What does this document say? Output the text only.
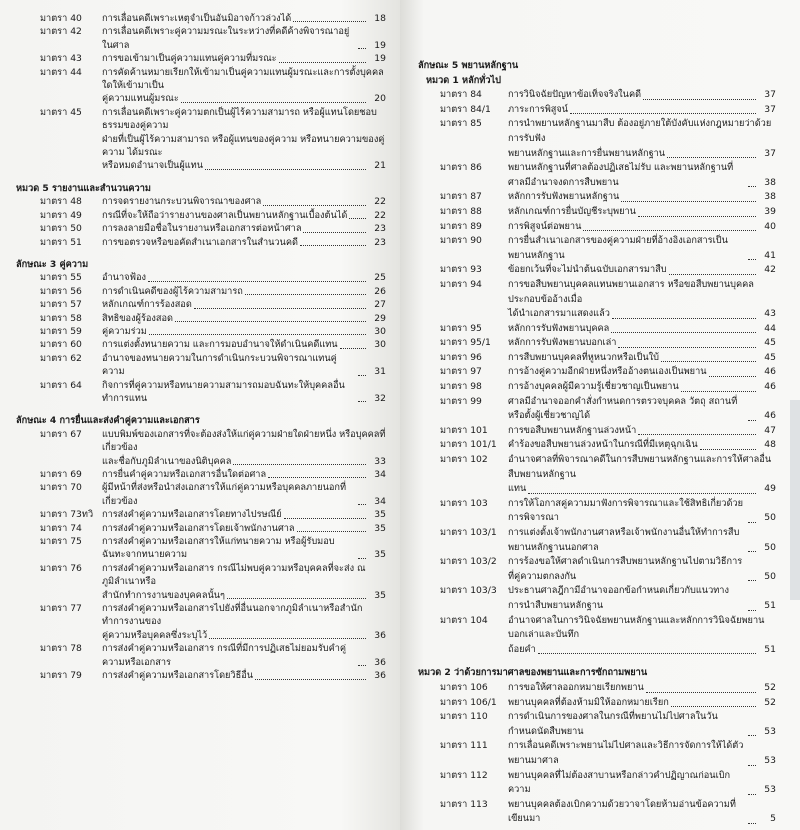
มาตรา 40	การเลื่อนคดีเพราะเหตุจำเป็นอันมิอาจก้าวล่วงได้	18
มาตรา 42	การเลื่อนคดีเพราะคู่ความมรณะในระหว่างที่คดีค้างพิจารณาอยู่ในศาล	19
มาตรา 43	การขอเข้ามาเป็นคู่ความแทนคู่ความที่มรณะ	19
มาตรา 44	การคัดค้านหมายเรียกให้เข้ามาเป็นคู่ความแทนผู้มรณะและการตั้งบุคคลใดให้เข้ามาเป็น
คู่ความแทนผู้มรณะ	20
มาตรา 45	การเลื่อนคดีเพราะคู่ความตกเป็นผู้ไร้ความสามารถ หรือผู้แทนโดยชอบธรรมของคู่ความ
ฝ่ายที่เป็นผู้ไร้ความสามารถ หรือผู้แทนของคู่ความ หรือทนายความของคู่ความ ได้มรณะ
หรือหมดอำนาจเป็นผู้แทน	21
หมวด 5 รายงานและสำนวนความ
มาตรา 48	การจดรายงานกระบวนพิจารณาของศาล	22
มาตรา 49	กรณีที่จะให้ถือว่ารายงานของศาลเป็นพยานหลักฐานเบื้องต้นได้	22
มาตรา 50	การลงลายมือชื่อในรายงานหรือเอกสารต่อหน้าศาล	23
มาตรา 51	การขอตรวจหรือขอคัดสำเนาเอกสารในสำนวนคดี	23
ลักษณะ 3 คู่ความ
มาตรา 55	อำนาจฟ้อง	25
มาตรา 56	การดำเนินคดีของผู้ไร้ความสามารถ	26
มาตรา 57	หลักเกณฑ์การร้องสอด	27
มาตรา 58	สิทธิของผู้ร้องสอด	29
มาตรา 59	คู่ความร่วม	30
มาตรา 60	การแต่งตั้งทนายความ และการมอบอำนาจให้ดำเนินคดีแทน	30
มาตรา 62	อำนาจของทนายความในการดำเนินกระบวนพิจารณาแทนคู่ความ	31
มาตรา 64	กิจการที่คู่ความหรือทนายความสามารถมอบฉันทะให้บุคคลอื่นทำการแทน	32
ลักษณะ 4 การยื่นและส่งคำคู่ความและเอกสาร
มาตรา 67	แบบพิมพ์ของเอกสารที่จะต้องส่งให้แก่คู่ความฝ่ายใดฝ่ายหนึ่ง หรือบุคคลที่เกี่ยวข้อง
และชื่อกับภูมิลำเนาของนิติบุคคล	33
มาตรา 69	การยื่นคำคู่ความหรือเอกสารอื่นใดต่อศาล	34
มาตรา 70	ผู้มีหน้าที่ส่งหรือนำส่งเอกสารให้แก่คู่ความหรือบุคคลภายนอกที่เกี่ยวข้อง	34
มาตรา 73ทวิ การส่งคำคู่ความหรือเอกสารโดยทางไปรษณีย์	35
มาตรา 74	การส่งคำคู่ความหรือเอกสารโดยเจ้าพนักงานศาล	35
มาตรา 75	การส่งคำคู่ความหรือเอกสารให้แก่ทนายความ หรือผู้รับมอบฉันทะจากทนายความ	35
มาตรา 76	การส่งคำคู่ความหรือเอกสาร กรณีไม่พบคู่ความหรือบุคคลที่จะส่ง ณ ภูมิลำเนาหรือ
สำนักทำการงานของบุคคลนั้นๆ	35
มาตรา 77	การส่งคำคู่ความหรือเอกสารไปยังที่อื่นนอกจากภูมิลำเนาหรือสำนักทำการงานของ
คู่ความหรือบุคคลซึ่งระบุไว้	36
มาตรา 78	การส่งคำคู่ความหรือเอกสาร กรณีที่มีการปฏิเสธไม่ยอมรับคำคู่ความหรือเอกสาร	36
มาตรา 79	การส่งคำคู่ความหรือเอกสารโดยวิธีอื่น	36
ลักษณะ 5 พยานหลักฐาน
หมวด 1 หลักทั่วไป
มาตรา 84	การวินิจฉัยปัญหาข้อเท็จจริงในคดี	37
มาตรา 84/1	ภาระการพิสูจน์	37
มาตรา 85	การนำพยานหลักฐานมาสืบ ต้องอยู่ภายใต้บังคับแห่งกฎหมายว่าด้วยการรับฟัง
พยานหลักฐานและการยื่นพยานหลักฐาน	37
มาตรา 86	พยานหลักฐานที่ศาลต้องปฏิเสธไม่รับ และพยานหลักฐานที่ศาลมีอำนาจงดการสืบพยาน	38
มาตรา 87	หลักการรับฟังพยานหลักฐาน	38
มาตรา 88	หลักเกณฑ์การยื่นบัญชีระบุพยาน	39
มาตรา 89	การพิสูจน์ต่อพยาน	40
มาตรา 90	การยื่นสำเนาเอกสารของคู่ความฝ่ายที่อ้างอิงเอกสารเป็นพยานหลักฐาน	41
มาตรา 93	ข้อยกเว้นที่จะไม่นำต้นฉบับเอกสารมาสืบ	42
มาตรา 94	การขอสืบพยานบุคคลแทนพยานเอกสาร หรือขอสืบพยานบุคคลประกอบข้ออ้างเมื่อ
ได้นำเอกสารมาแสดงแล้ว	43
มาตรา 95	หลักการรับฟังพยานบุคคล	44
มาตรา 95/1	หลักการรับฟังพยานบอกเล่า	45
มาตรา 96	การสืบพยานบุคคลที่หูหนวกหรือเป็นใบ้	45
มาตรา 97	การอ้างคู่ความอีกฝ่ายหนึ่งหรืออ้างตนเองเป็นพยาน	46
มาตรา 98	การอ้างบุคคลผู้มีความรู้เชี่ยวชาญเป็นพยาน	46
มาตรา 99	ศาลมีอำนาจออกคำสั่งกำหนดการตรวจบุคคล วัตถุ สถานที่ หรือตั้งผู้เชี่ยวชาญได้	46
มาตรา 101	การขอสืบพยานหลักฐานล่วงหน้า	47
มาตรา 101/1	คำร้องขอสืบพยานล่วงหน้าในกรณีที่มีเหตุฉุกเฉิน	48
มาตรา 102	อำนาจศาลที่พิจารณาคดีในการสืบพยานหลักฐานและการให้ศาลอื่นสืบพยานหลักฐาน
แทน	49
มาตรา 103	การให้โอกาสคู่ความมาฟังการพิจารณาและใช้สิทธิเกี่ยวด้วยการพิจารณา	50
มาตรา 103/1	การแต่งตั้งเจ้าพนักงานศาลหรือเจ้าพนักงานอื่นให้ทำการสืบพยานหลักฐานนอกศาล	50
มาตรา 103/2	การร้องขอให้ศาลดำเนินการสืบพยานหลักฐานไปตามวิธีการที่คู่ความตกลงกัน	50
มาตรา 103/3	ประธานศาลฎีกามีอำนาจออกข้อกำหนดเกี่ยวกับแนวทางการนำสืบพยานหลักฐาน	51
มาตรา 104	อำนาจศาลในการวินิจฉัยพยานหลักฐานและหลักการวินิจฉัยพยานบอกเล่าและบันทึก
ถ้อยคำ	51
หมวด 2 ว่าด้วยการมาศาลของพยานและการซักถามพยาน
มาตรา 106	การขอให้ศาลออกหมายเรียกพยาน	52
มาตรา 106/1	พยานบุคคลที่ต้องห้ามมิให้ออกหมายเรียก	52
มาตรา 110	การดำเนินการของศาลในกรณีที่พยานไม่ไปศาลในวันกำหนดนัดสืบพยาน	53
มาตรา 111	การเลื่อนคดีเพราะพยานไม่ไปศาลและวิธีการจัดการให้ได้ตัวพยานมาศาล	53
มาตรา 112	พยานบุคคลที่ไม่ต้องสาบานหรือกล่าวคำปฏิญาณก่อนเบิกความ	53
มาตรา 113	พยานบุคคลต้องเบิกความด้วยวาจาโดยห้ามอ่านข้อความที่เขียนมา	5
